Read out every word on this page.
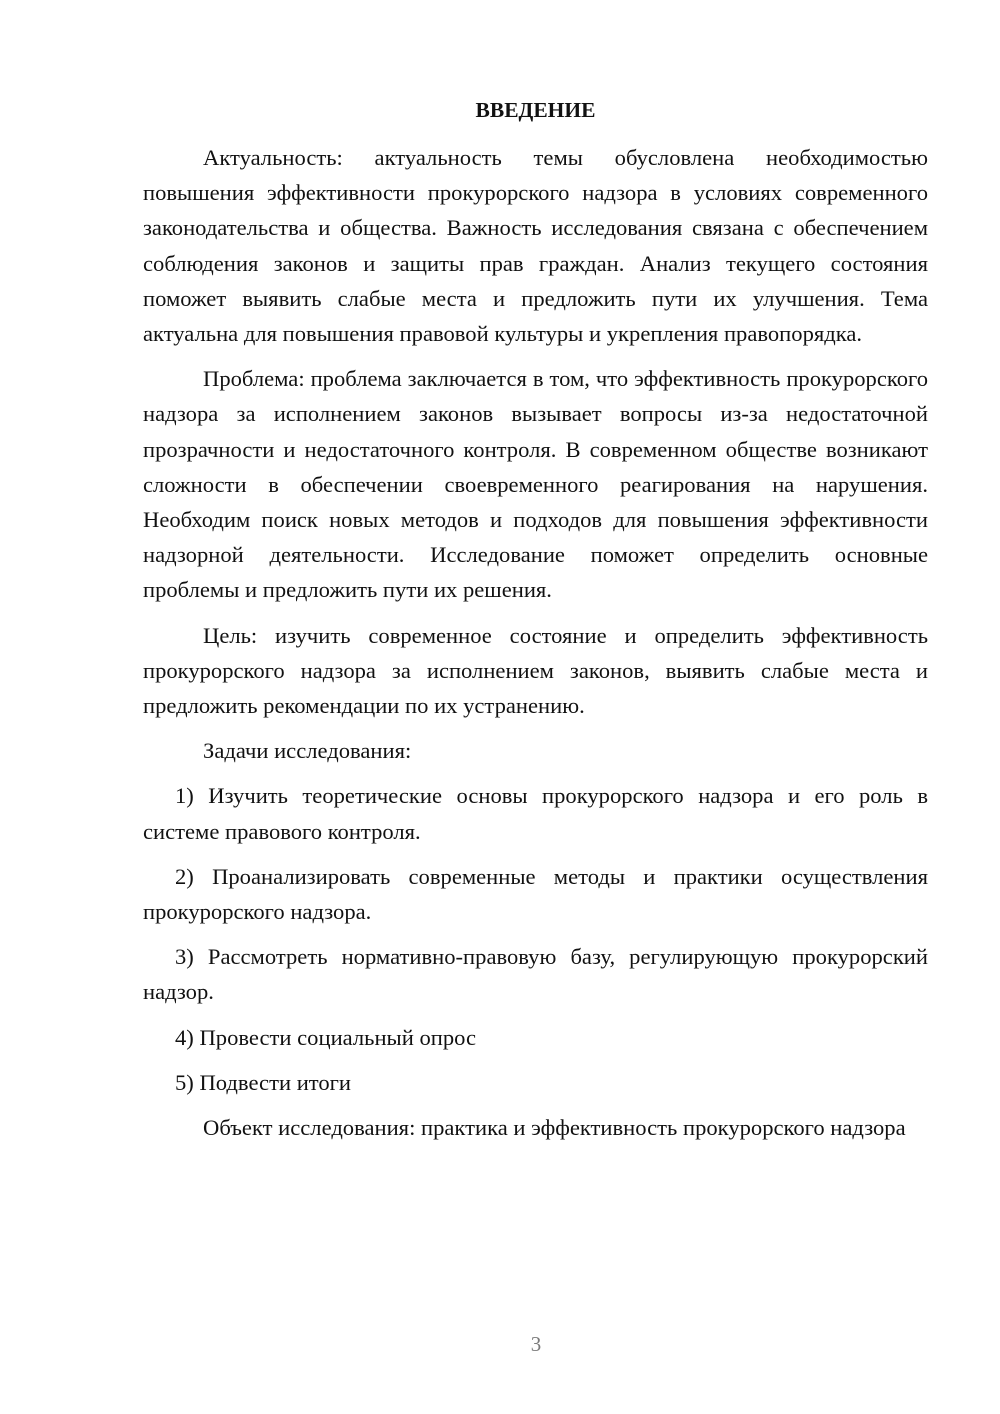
ВВЕДЕНИЕ

Актуальность: актуальность темы обусловлена необходимостью повышения эффективности прокурорского надзора в условиях современного законодательства и общества. Важность исследования связана с обеспечением соблюдения законов и защиты прав граждан. Анализ текущего состояния поможет выявить слабые места и предложить пути их улучшения. Тема актуальна для повышения правовой культуры и укрепления правопорядка.

Проблема: проблема заключается в том, что эффективность прокурорского надзора за исполнением законов вызывает вопросы из-за недостаточной прозрачности и недостаточного контроля. В современном обществе возникают сложности в обеспечении своевременного реагирования на нарушения. Необходим поиск новых методов и подходов для повышения эффективности надзорной деятельности. Исследование поможет определить основные проблемы и предложить пути их решения.

Цель: изучить современное состояние и определить эффективность прокурорского надзора за исполнением законов, выявить слабые места и предложить рекомендации по их устранению.

Задачи исследования:

1) Изучить теоретические основы прокурорского надзора и его роль в системе правового контроля.

2) Проанализировать современные методы и практики осуществления прокурорского надзора.

3) Рассмотреть нормативно-правовую базу, регулирующую прокурорский надзор.

4) Провести социальный опрос

5) Подвести итоги

Объект исследования: практика и эффективность прокурорского надзора

3
